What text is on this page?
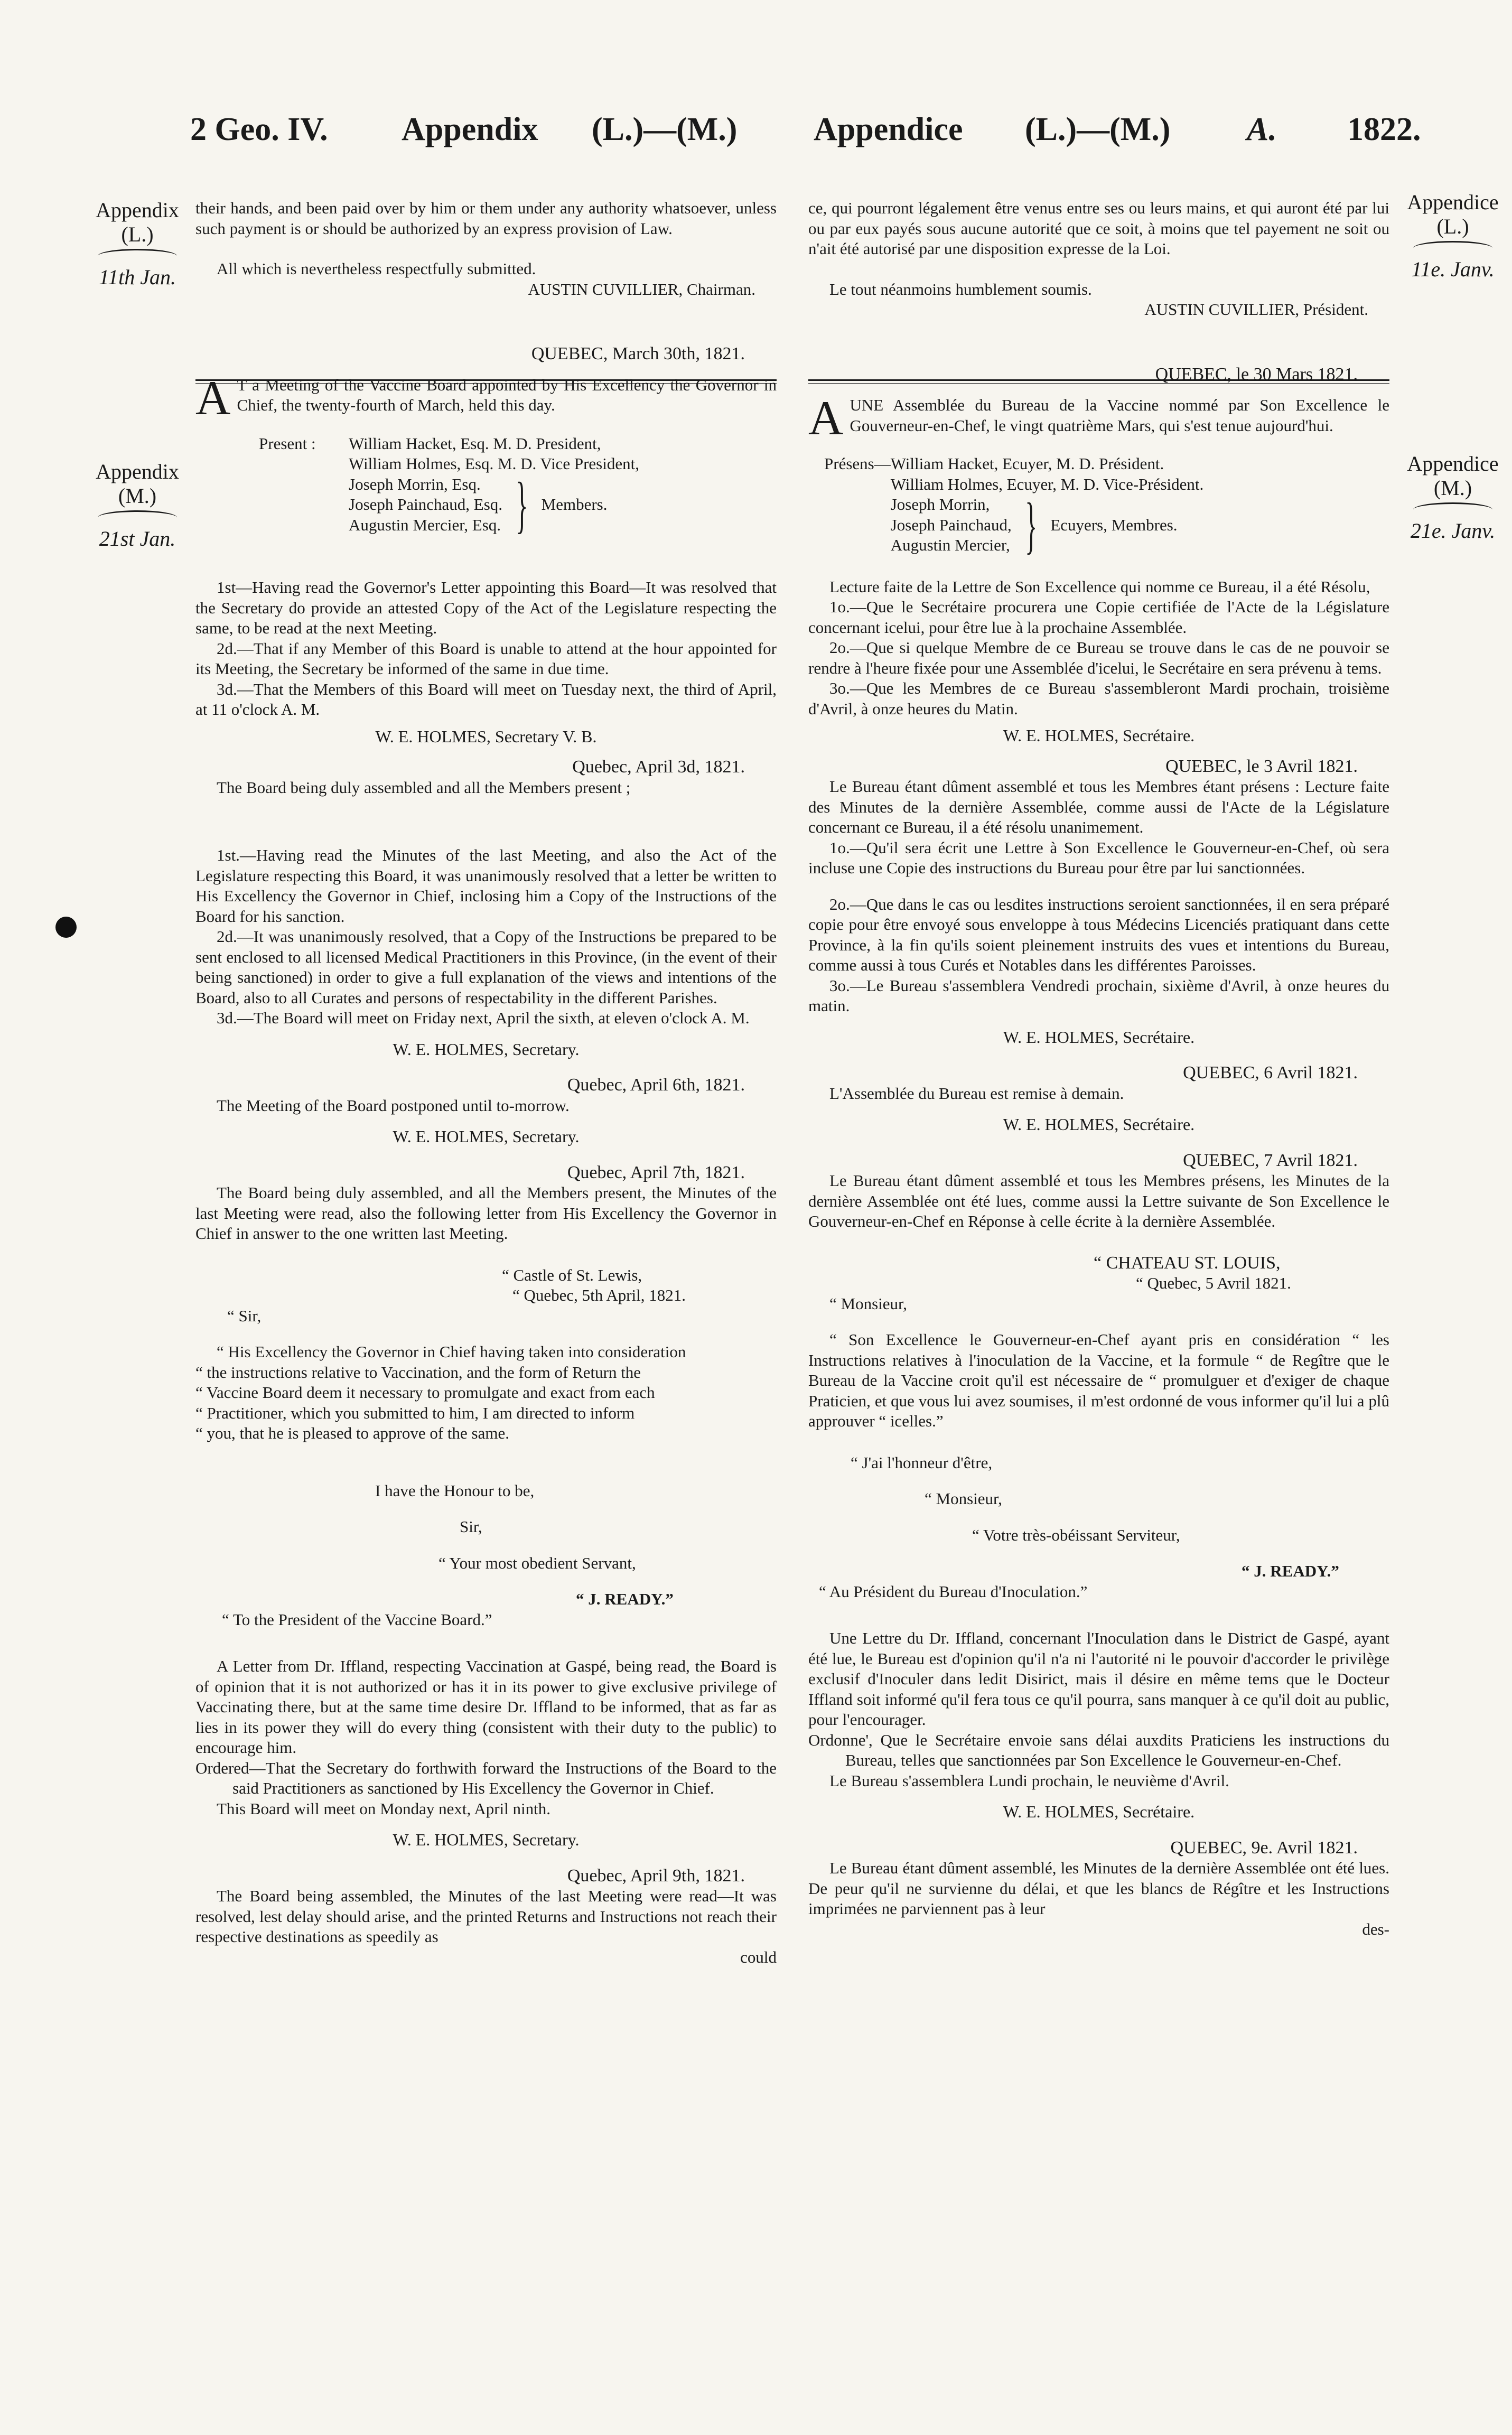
2 Geo. IV. Appendix (L.)—(M.) Appendice (L.)—(M.) A. 1822.
Appendix
(L.)
11th Jan.
Appendice
(L.)
11e. Janv.
Appendix
(M.)
21st Jan.
Appendice
(M.)
21e. Janv.

their hands, and been paid over by him or them under any authority whatsoever, unless such payment is or should be authorized by an express provision of Law.

All which is nevertheless respectfully submitted.

AUSTIN CUVILLIER, Chairman.

QUEBEC, March 30th, 1821.

A T a Meeting of the Vaccine Board appointed by His Excellency the Governor in Chief, the twenty-fourth of March, held this day.

Present :	William Hacket, Esq. M. D. President,
William Holmes, Esq. M. D. Vice President,
Joseph Morrin, Esq.
Joseph Painchaud, Esq.
Augustin Mercier, Esq. } Members.

1st—Having read the Governor's Letter appointing this Board—It was resolved that the Secretary do provide an attested Copy of the Act of the Legislature respecting the same, to be read at the next Meeting.

2d.—That if any Member of this Board is unable to attend at the hour appointed for its Meeting, the Secretary be informed of the same in due time.

3d.—That the Members of this Board will meet on Tuesday next, the third of April, at 11 o'clock A. M.

W. E. HOLMES, Secretary V. B.

Quebec, April 3d, 1821.

The Board being duly assembled and all the Members present ;

1st.—Having read the Minutes of the last Meeting, and also the Act of the Legislature respecting this Board, it was unanimously resolved that a letter be written to His Excellency the Governor in Chief, inclosing him a Copy of the Instructions of the Board for his sanction.

2d.—It was unanimously resolved, that a Copy of the Instructions be prepared to be sent enclosed to all licensed Medical Practitioners in this Province, (in the event of their being sanctioned) in order to give a full explanation of the views and intentions of the Board, also to all Curates and persons of respectability in the different Parishes.

3d.—The Board will meet on Friday next, April the sixth, at eleven o'clock A. M.

W. E. HOLMES, Secretary.

Quebec, April 6th, 1821.

The Meeting of the Board postponed until to-morrow.

W. E. HOLMES, Secretary.

Quebec, April 7th, 1821.

The Board being duly assembled, and all the Members present, the Minutes of the last Meeting were read, also the following letter from His Excellency the Governor in Chief in answer to the one written last Meeting.

“ Castle of St. Lewis,

“ Quebec, 5th April, 1821.

“ Sir,

“ His Excellency the Governor in Chief having taken into consideration
“ the instructions relative to Vaccination, and the form of Return the
“ Vaccine Board deem it necessary to promulgate and exact from each
“ Practitioner, which you submitted to him, I am directed to inform
“ you, that he is pleased to approve of the same.

I have the Honour to be,

Sir,

“ Your most obedient Servant,

“ J. READY.”

“ To the President of the Vaccine Board.”

A Letter from Dr. Iffland, respecting Vaccination at Gaspé, being read, the Board is of opinion that it is not authorized or has it in its power to give exclusive privilege of Vaccinating there, but at the same time desire Dr. Iffland to be informed, that as far as lies in its power they will do every thing (consistent with their duty to the public) to encourage him.

Ordered—That the Secretary do forthwith forward the Instructions of the Board to the said Practitioners as sanctioned by His Excellency the Governor in Chief.

This Board will meet on Monday next, April ninth.

W. E. HOLMES, Secretary.

Quebec, April 9th, 1821.

The Board being assembled, the Minutes of the last Meeting were read—It was resolved, lest delay should arise, and the printed Returns and Instructions not reach their respective destinations as speedily as

could

ce, qui pourront légalement être venus entre ses ou leurs mains, et qui auront été par lui ou par eux payés sous aucune autorité que ce soit, à moins que tel payement ne soit ou n'ait été autorisé par une disposition expresse de la Loi.

Le tout néanmoins humblement soumis.

AUSTIN CUVILLIER, Président.

QUEBEC, le 30 Mars 1821.

AUNE Assemblée du Bureau de la Vaccine nommé par Son Excellence le Gouverneur-en-Chef, le vingt quatrième Mars, qui s'est tenue aujourd'hui.

Présens— William Hacket, Ecuyer, M. D. Président.
William Holmes, Ecuyer, M. D. Vice-Président.
Joseph Morrin,
Joseph Painchaud,
Augustin Mercier, } Ecuyers, Membres.

Lecture faite de la Lettre de Son Excellence qui nomme ce Bureau, il a été Résolu,

1o.—Que le Secrétaire procurera une Copie certifiée de l'Acte de la Législature concernant icelui, pour être lue à la prochaine Assemblée.

2o.—Que si quelque Membre de ce Bureau se trouve dans le cas de ne pouvoir se rendre à l'heure fixée pour une Assemblée d'icelui, le Secrétaire en sera prévenu à tems.

3o.—Que les Membres de ce Bureau s'assembleront Mardi prochain, troisième d'Avril, à onze heures du Matin.

W. E. HOLMES, Secrétaire.

QUEBEC, le 3 Avril 1821.

Le Bureau étant dûment assemblé et tous les Membres étant présens : Lecture faite des Minutes de la dernière Assemblée, comme aussi de l'Acte de la Législature concernant ce Bureau, il a été résolu unanimement.

1o.—Qu'il sera écrit une Lettre à Son Excellence le Gouverneur-en-Chef, où sera incluse une Copie des instructions du Bureau pour être par lui sanctionnées.

2o.—Que dans le cas ou lesdites instructions seroient sanctionnées, il en sera préparé copie pour être envoyé sous enveloppe à tous Médecins Licenciés pratiquant dans cette Province, à la fin qu'ils soient pleinement instruits des vues et intentions du Bureau, comme aussi à tous Curés et Notables dans les différentes Paroisses.

3o.—Le Bureau s'assemblera Vendredi prochain, sixième d'Avril, à onze heures du matin.

W. E. HOLMES, Secrétaire.

QUEBEC, 6 Avril 1821.

L'Assemblée du Bureau est remise à demain.

W. E. HOLMES, Secrétaire.

QUEBEC, 7 Avril 1821.

Le Bureau étant dûment assemblé et tous les Membres présens, les Minutes de la dernière Assemblée ont été lues, comme aussi la Lettre suivante de Son Excellence le Gouverneur-en-Chef en Réponse à celle écrite à la dernière Assemblée.

“ CHATEAU ST. LOUIS,

“ Quebec, 5 Avril 1821.

“ Monsieur,

“ Son Excellence le Gouverneur-en-Chef ayant pris en considération “ les Instructions relatives à l'inoculation de la Vaccine, et la formule “ de Regître que le Bureau de la Vaccine croit qu'il est nécessaire de “ promulguer et d'exiger de chaque Praticien, et que vous lui avez soumises, il m'est ordonné de vous informer qu'il lui a plû approuver “ icelles.”

“ J'ai l'honneur d'être,

“ Monsieur,

“ Votre très-obéissant Serviteur,

“ J. READY.”

“ Au Président du Bureau d'Inoculation.”

Une Lettre du Dr. Iffland, concernant l'Inoculation dans le District de Gaspé, ayant été lue, le Bureau est d'opinion qu'il n'a ni l'autorité ni le pouvoir d'accorder le privilège exclusif d'Inoculer dans ledit Disirict, mais il désire en même tems que le Docteur Iffland soit informé qu'il fera tous ce qu'il pourra, sans manquer à ce qu'il doit au public, pour l'encourager.

Ordonne', Que le Secrétaire envoie sans délai auxdits Praticiens les instructions du Bureau, telles que sanctionnées par Son Excellence le Gouverneur-en-Chef.

Le Bureau s'assemblera Lundi prochain, le neuvième d'Avril.

W. E. HOLMES, Secrétaire.

QUEBEC, 9e. Avril 1821.

Le Bureau étant dûment assemblé, les Minutes de la dernière Assemblée ont été lues. De peur qu'il ne survienne du délai, et que les blancs de Régître et les Instructions imprimées ne parviennent pas à leur

des-
